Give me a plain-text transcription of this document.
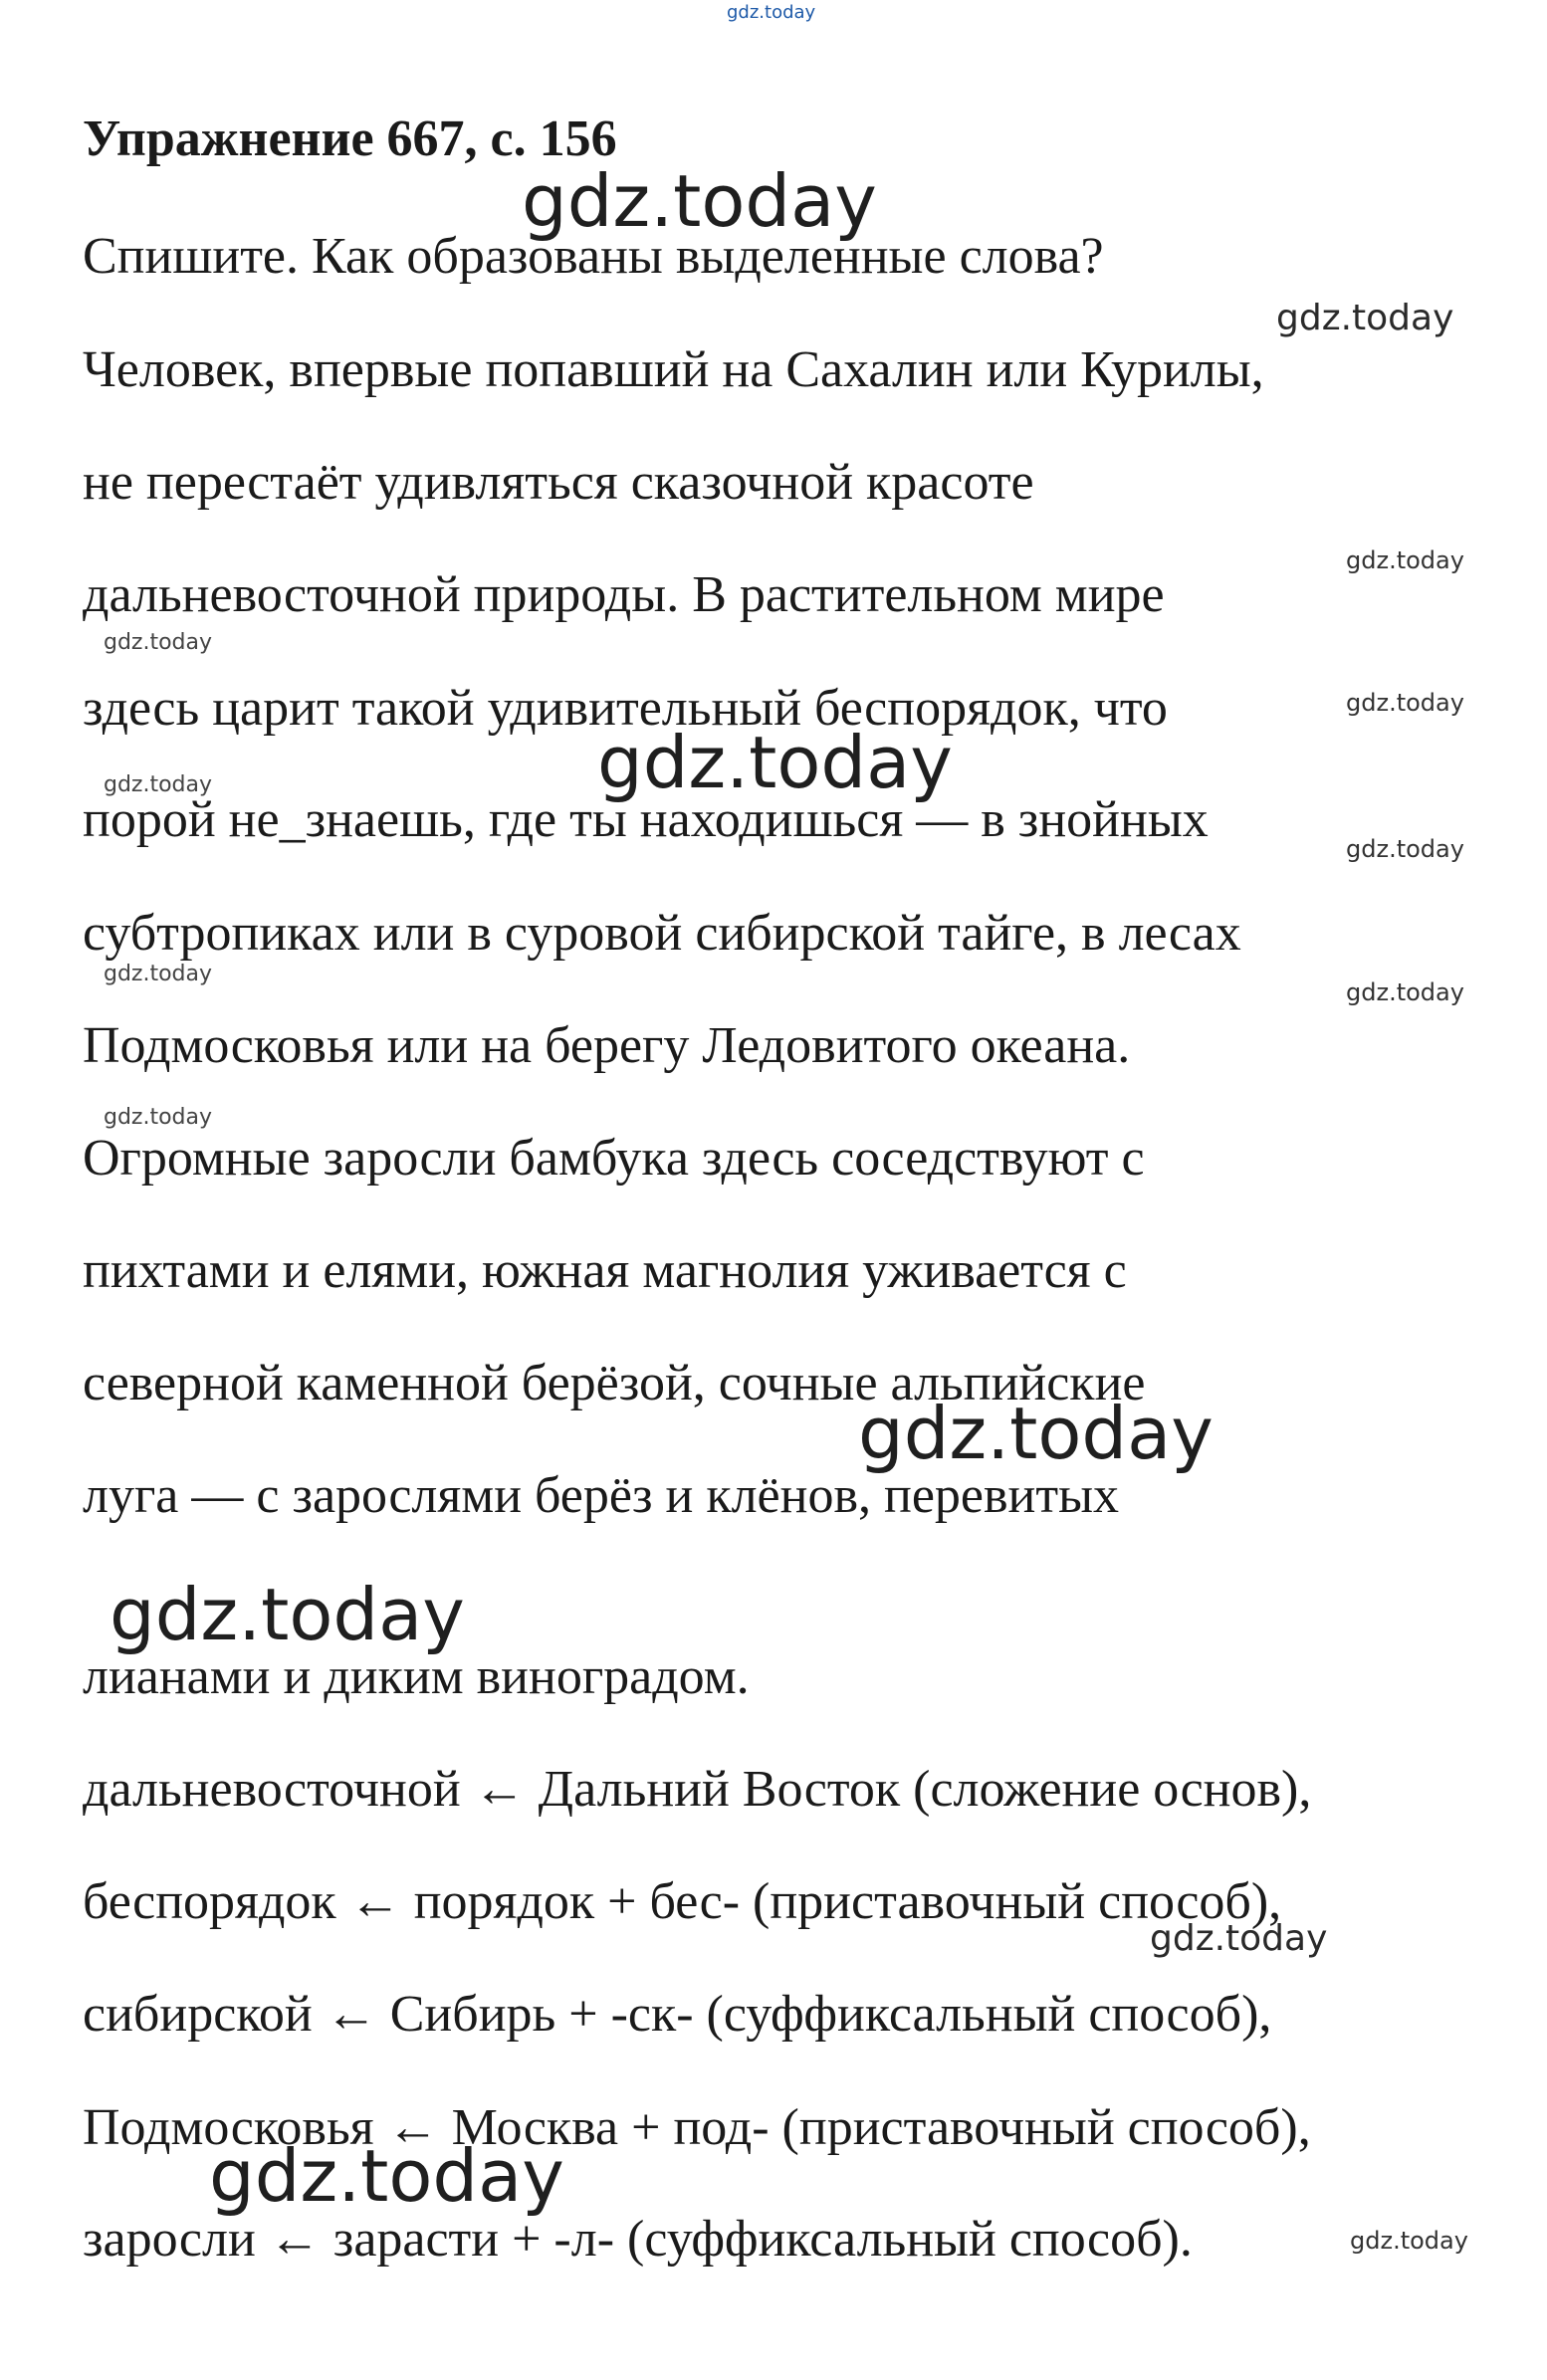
gdz.today
Упражнение 667, с. 156
Спишите. Как образованы выделенные слова?
Человек, впервые попавший на Сахалин или Курилы,
не перестаёт удивляться сказочной красоте
дальневосточной природы. В растительном мире
здесь царит такой удивительный беспорядок, что
порой не_знаешь, где ты находишься — в знойных
субтропиках или в суровой сибирской тайге, в лесах
Подмосковья или на берегу Ледовитого океана.
Огромные заросли бамбука здесь соседствуют с
пихтами и елями, южная магнолия уживается с
северной каменной берёзой, сочные альпийские
луга — с зарослями берёз и клёнов, перевитых
лианами и диким виноградом.
дальневосточной ← Дальний Восток (сложение основ),
беспорядок ← порядок + бес- (приставочный способ),
сибирской ← Сибирь + -ск- (суффиксальный способ),
Подмосковья ← Москва + под- (приставочный способ),
заросли ← зарасти + -л- (суффиксальный способ).
gdz.today
gdz.today
gdz.today
gdz.today
gdz.today
gdz.today
gdz.today
gdz.today
gdz.today
gdz.today
gdz.today
gdz.today
gdz.today
gdz.today
gdz.today
gdz.today
